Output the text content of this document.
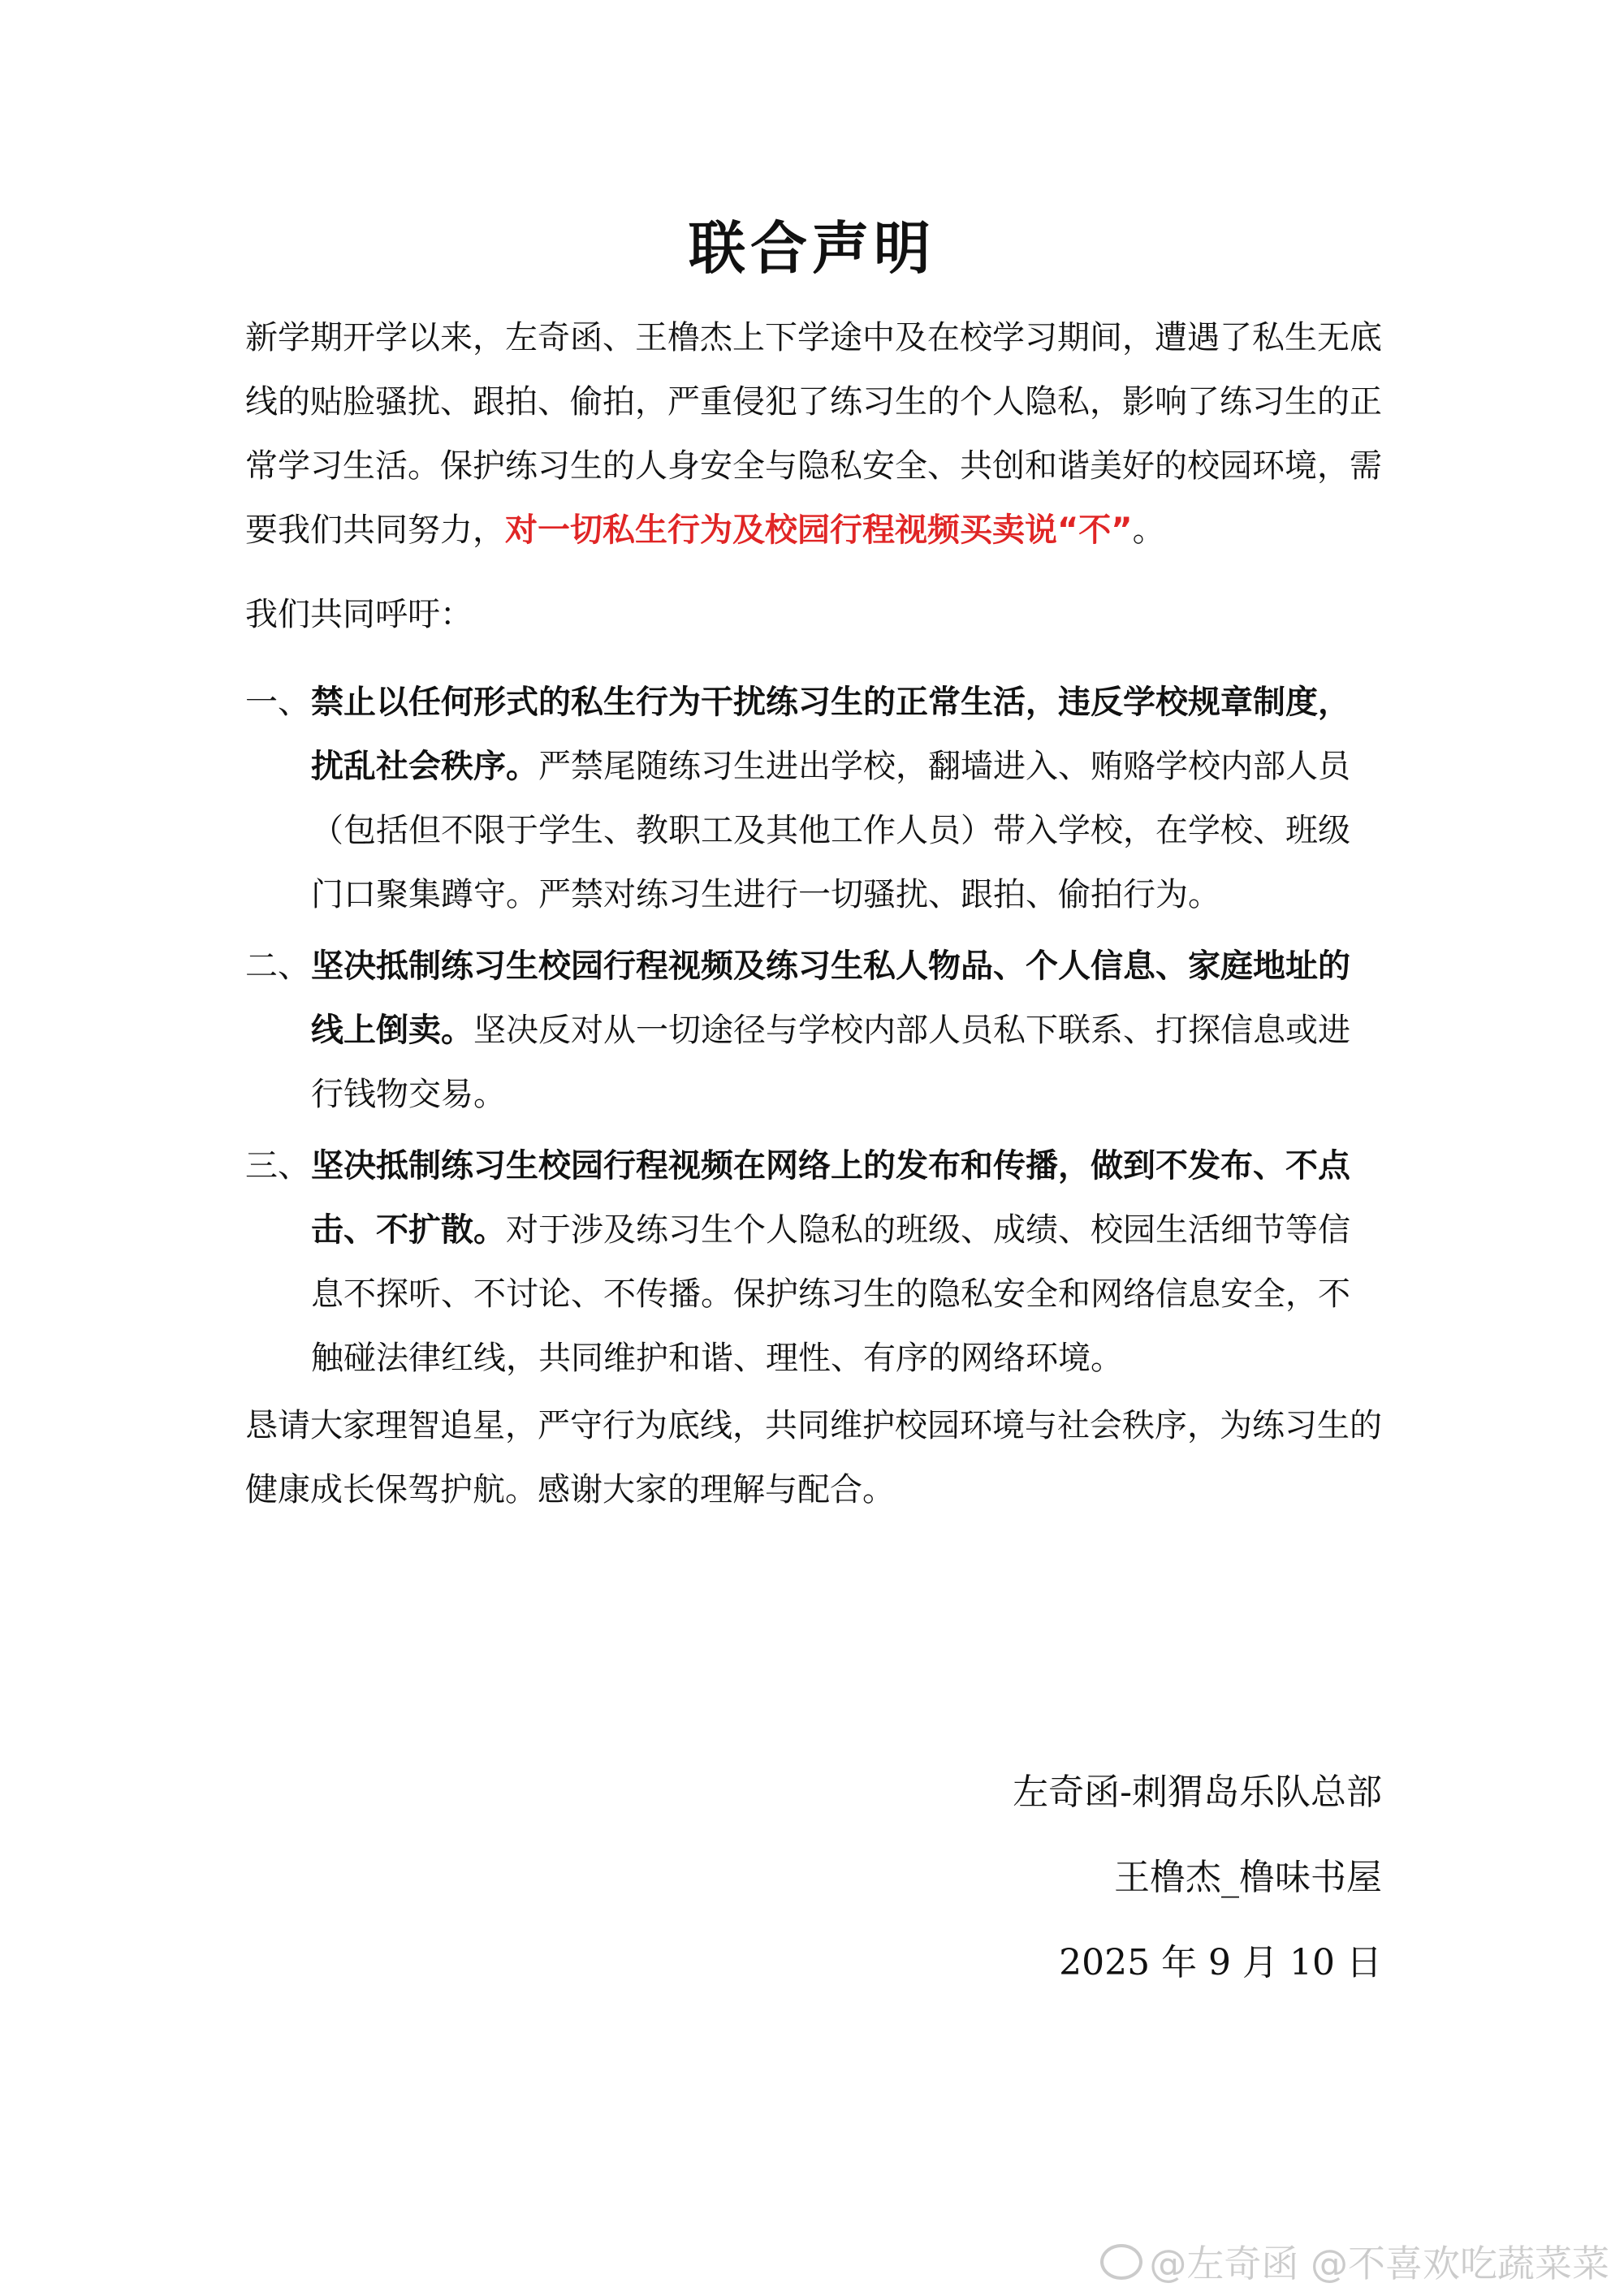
联合声明

新学期开学以来，左奇函、王橹杰上下学途中及在校学习期间，遭遇了私生无底线的贴脸骚扰、跟拍、偷拍，严重侵犯了练习生的个人隐私，影响了练习生的正常学习生活。保护练习生的人身安全与隐私安全、共创和谐美好的校园环境，需要我们共同努力，对一切私生行为及校园行程视频买卖说“不”。

我们共同呼吁：

一、 禁止以任何形式的私生行为干扰练习生的正常生活，违反学校规章制度，扰乱社会秩序。严禁尾随练习生进出学校，翻墙进入、贿赂学校内部人员（包括但不限于学生、教职工及其他工作人员）带入学校，在学校、班级门口聚集蹲守。严禁对练习生进行一切骚扰、跟拍、偷拍行为。
二、 坚决抵制练习生校园行程视频及练习生私人物品、个人信息、家庭地址的线上倒卖。坚决反对从一切途径与学校内部人员私下联系、打探信息或进行钱物交易。
三、 坚决抵制练习生校园行程视频在网络上的发布和传播，做到不发布、不点击、不扩散。对于涉及练习生个人隐私的班级、成绩、校园生活细节等信息不探听、不讨论、不传播。保护练习生的隐私安全和网络信息安全，不触碰法律红线，共同维护和谐、理性、有序的网络环境。

恳请大家理智追星，严守行为底线，共同维护校园环境与社会秩序，为练习生的健康成长保驾护航。感谢大家的理解与配合。

左奇函-刺猬岛乐队总部
王橹杰_橹味书屋
2025 年 9 月 10 日
@左奇函 @不喜欢吃蔬菜菜
